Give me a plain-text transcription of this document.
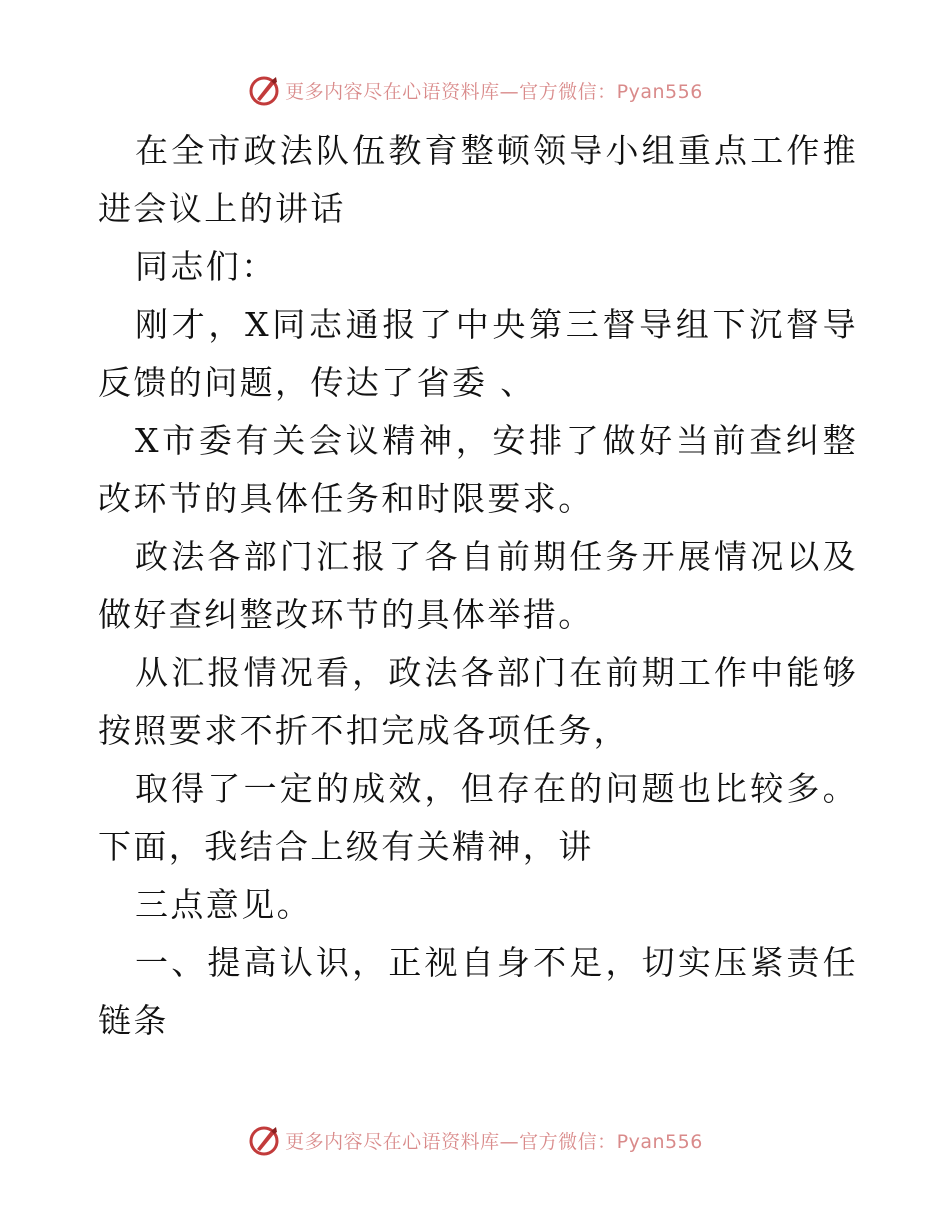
更多内容尽在心语资料库—官方微信：Pyan556

在全市政法队伍教育整顿领导小组重点工作推进会议上的讲话

同志们：

刚才，X同志通报了中央第三督导组下沉督导反馈的问题，传达了省委 、

X市委有关会议精神，安排了做好当前查纠整改环节的具体任务和时限要求。

政法各部门汇报了各自前期任务开展情况以及做好查纠整改环节的具体举措。

从汇报情况看，政法各部门在前期工作中能够按照要求不折不扣完成各项任务，

取得了一定的成效，但存在的问题也比较多。下面，我结合上级有关精神，讲

三点意见。

一、提高认识，正视自身不足，切实压紧责任链条

更多内容尽在心语资料库—官方微信：Pyan556
